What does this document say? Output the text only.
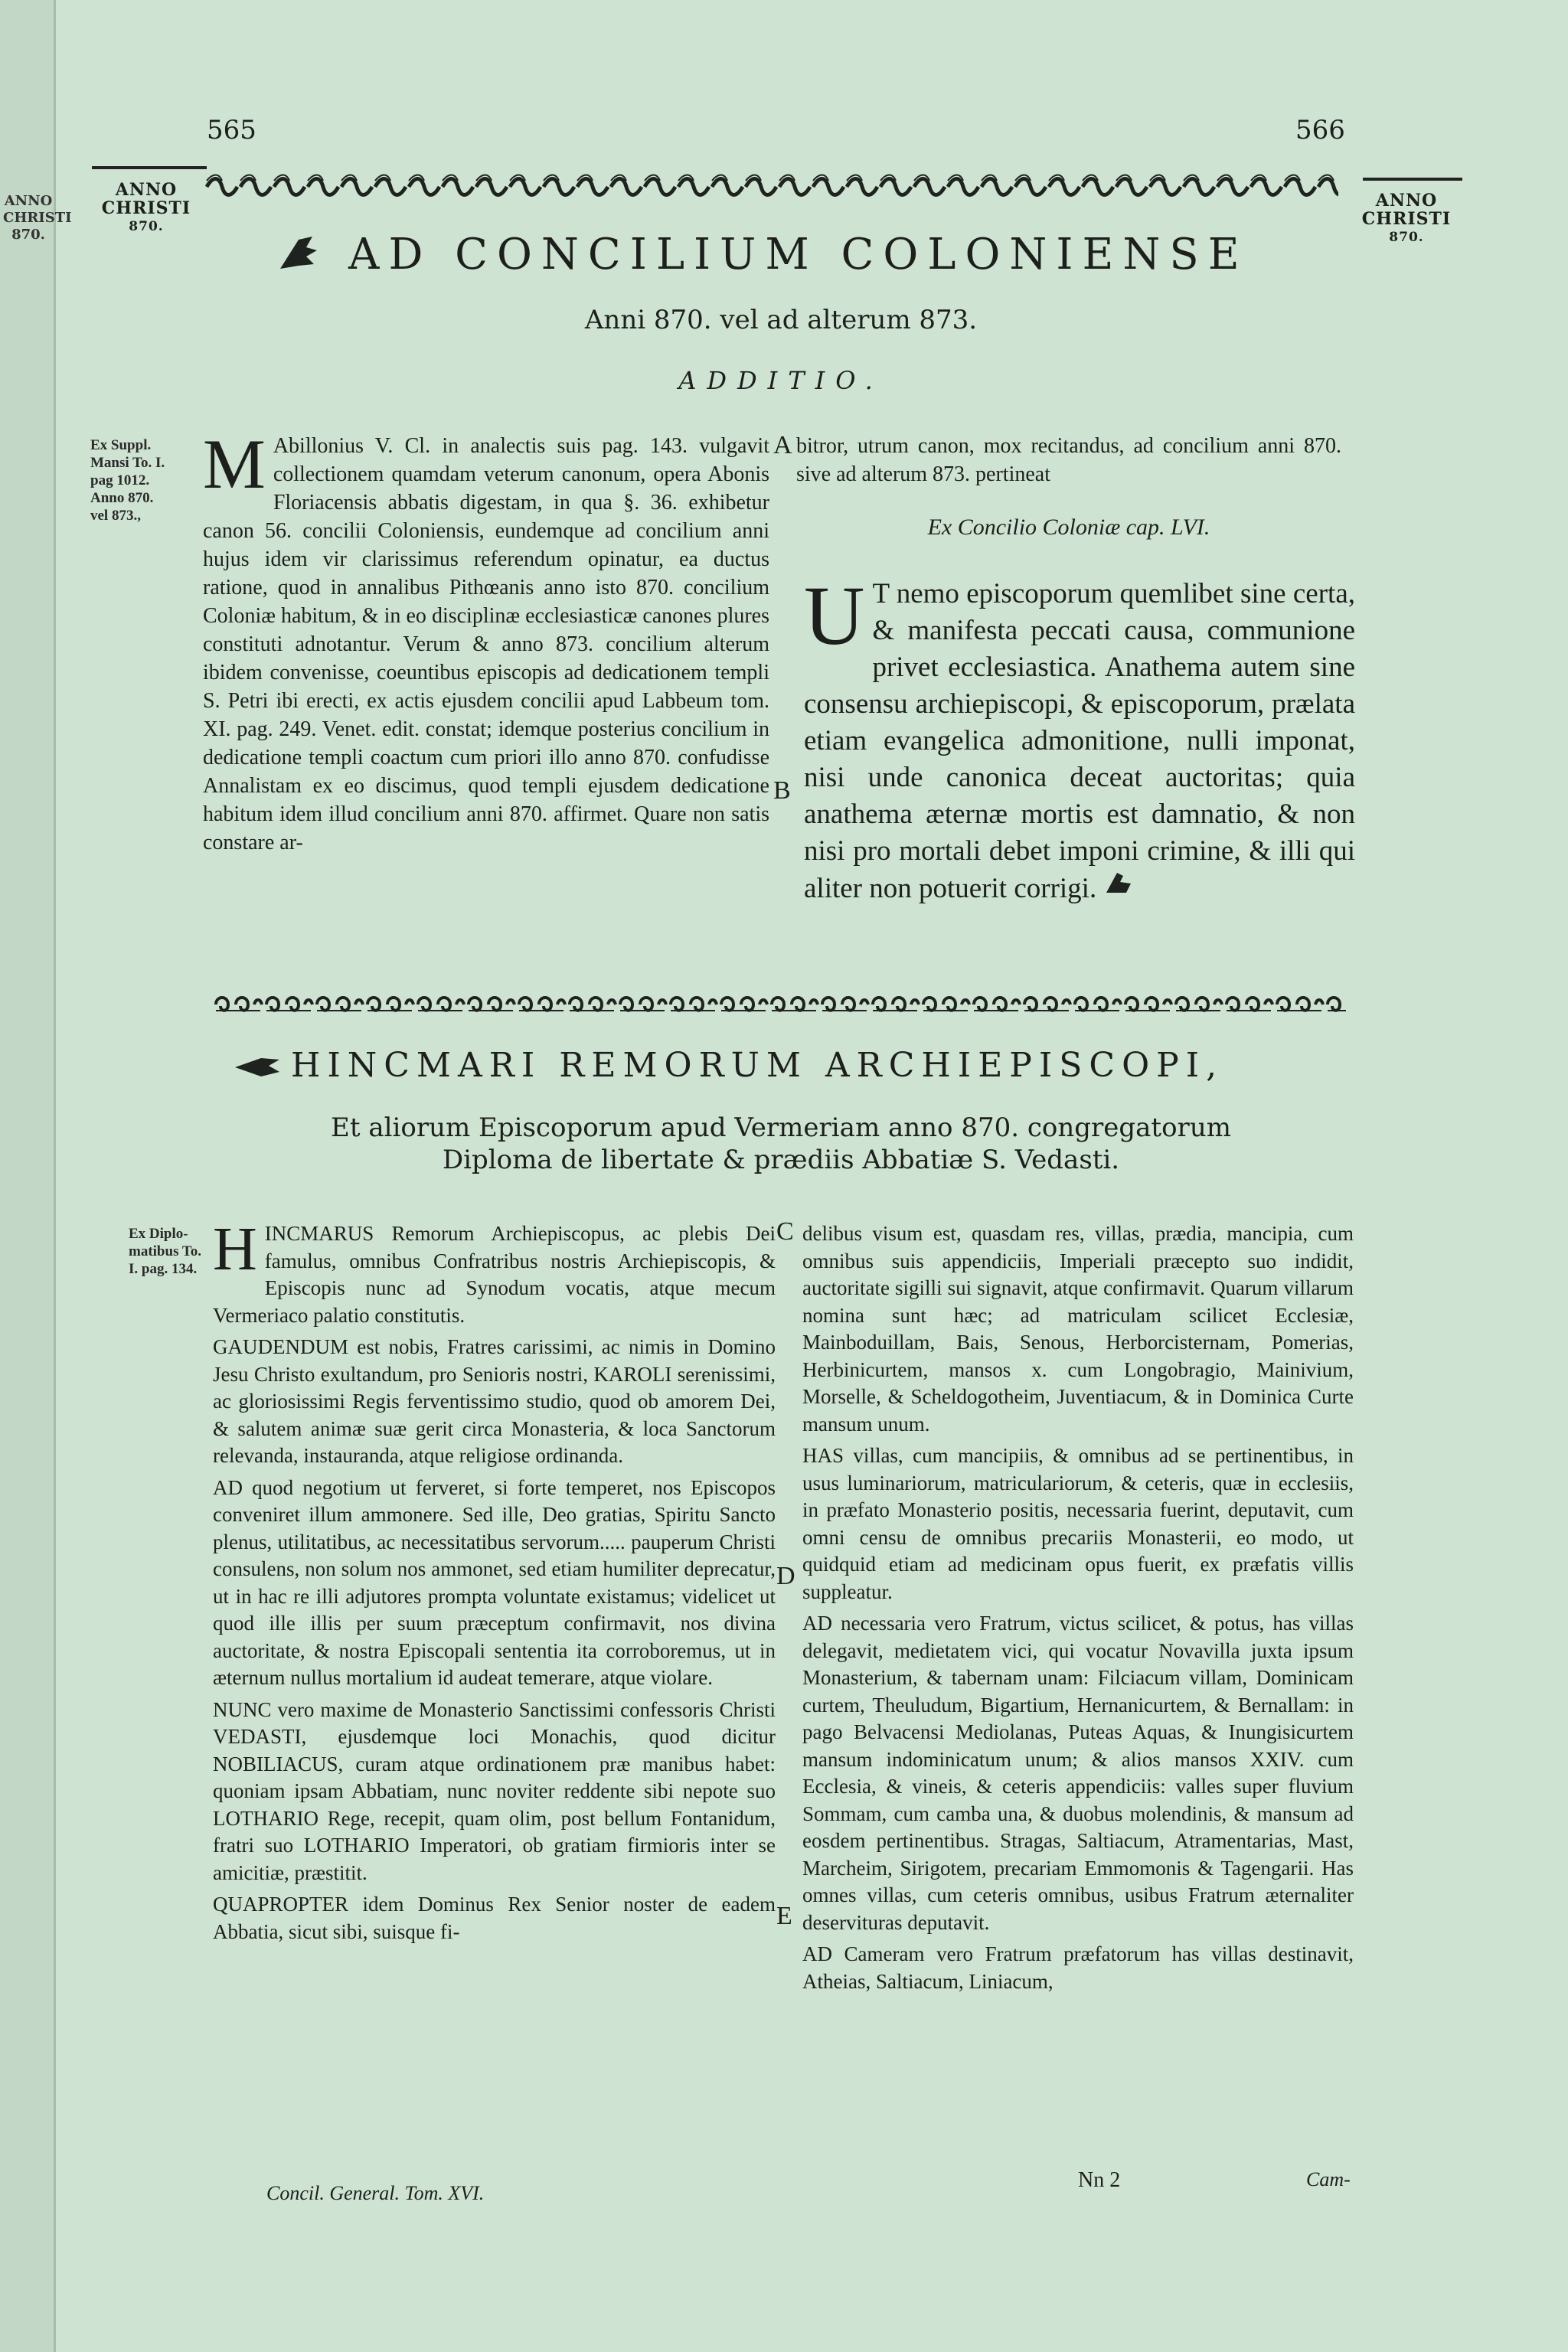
ANNO
CHRISTI
870.
565	566
ANNO
CHRISTI
870.
ANNO
CHRISTI
870.
AD CONCILIUM COLONIENSE
Anni 870. vel ad alterum 873.
ADDITIO.
Ex Suppl.
Mansi To. I.
pag 1012.
Anno 870.
vel 873.,
M Abillonius V. Cl. in analectis suis pag. 143. vulgavit collectionem quamdam veterum canonum, opera Abonis Floriacensis abbatis digestam, in qua §. 36. exhibetur canon 56. concilii Coloniensis, eundemque ad concilium anni hujus idem vir clarissimus referendum opinatur, ea ductus ratione, quod in annalibus Pithœanis anno isto 870. concilium Coloniæ habitum, & in eo disciplinæ ecclesiasticæ canones plures constituti adnotantur. Verum & anno 873. concilium alterum ibidem convenisse, coeuntibus episcopis ad dedicationem templi S. Petri ibi erecti, ex actis ejusdem concilii apud Labbeum tom. XI. pag. 249. Venet. edit. constat; idemque posterius concilium in dedicatione templi coactum cum priori illo anno 870. confudisse Annalistam ex eo discimus, quod templi ejusdem dedicatione habitum idem illud concilium anni 870. affirmet. Quare non satis constare ar-
A
B
bitror, utrum canon, mox recitandus, ad concilium anni 870. sive ad alterum 873. pertineat
Ex Concilio Coloniæ cap. LVI.
U T nemo episcoporum quemlibet sine certa, & manifesta peccati causa, communione privet ecclesiastica. Anathema autem sine consensu archiepiscopi, & episcoporum, prælata etiam evangelica admonitione, nulli imponat, nisi unde canonica deceat auctoritas; quia anathema æternæ mortis est damnatio, & non nisi pro mortali debet imponi crimine, & illi qui aliter non potuerit corrigi.
HINCMARI REMORUM ARCHIEPISCOPI,
Et aliorum Episcoporum apud Vermeriam anno 870. congregatorum
Diploma de libertate & prædiis Abbatiæ S. Vedasti.
Ex Diplo-
matibus To.
I. pag. 134. HINCMARUS Remorum Archiepiscopus, ac plebis Dei famulus, omnibus Confratribus nostris Archiepiscopis, & Episcopis nunc ad Synodum vocatis, atque mecum Vermeriaco palatio constitutis.

GAUDENDUM est nobis, Fratres carissimi, ac nimis in Domino Jesu Christo exultandum, pro Senioris nostri, KAROLI serenissimi, ac gloriosissimi Regis ferventissimo studio, quod ob amorem Dei, & salutem animæ suæ gerit circa Monasteria, & loca Sanctorum relevanda, instauranda, atque religiose ordinanda.

AD quod negotium ut ferveret, si forte temperet, nos Episcopos conveniret illum ammonere. Sed ille, Deo gratias, Spiritu Sancto plenus, utilitatibus, ac necessitatibus servorum..... pauperum Christi consulens, non solum nos ammonet, sed etiam humiliter deprecatur, ut in hac re illi adjutores prompta voluntate existamus; videlicet ut quod ille illis per suum præceptum confirmavit, nos divina auctoritate, & nostra Episcopali sententia ita corroboremus, ut in æternum nullus mortalium id audeat temerare, atque violare.

NUNC vero maxime de Monasterio Sanctissimi confessoris Christi VEDASTI, ejusdemque loci Monachis, quod dicitur NOBILIACUS, curam atque ordinationem præ manibus habet: quoniam ipsam Abbatiam, nunc noviter reddente sibi nepote suo LOTHARIO Rege, recepit, quam olim, post bellum Fontanidum, fratri suo LOTHARIO Imperatori, ob gratiam firmioris inter se amicitiæ, præstitit.

QUAPROPTER idem Dominus Rex Senior noster de eadem Abbatia, sicut sibi, suisque fi-

C
D
E

delibus visum est, quasdam res, villas, prædia, mancipia, cum omnibus suis appendiciis, Imperiali præcepto suo indidit, auctoritate sigilli sui signavit, atque confirmavit. Quarum villarum nomina sunt hæc; ad matriculam scilicet Ecclesiæ, Mainboduillam, Bais, Senous, Herborcisternam, Pomerias, Herbinicurtem, mansos x. cum Longobragio, Mainivium, Morselle, & Scheldogotheim, Juventiacum, & in Dominica Curte mansum unum.

HAS villas, cum mancipiis, & omnibus ad se pertinentibus, in usus luminariorum, matriculariorum, & ceteris, quæ in ecclesiis, in præfato Monasterio positis, necessaria fuerint, deputavit, cum omni censu de omnibus precariis Monasterii, eo modo, ut quidquid etiam ad medicinam opus fuerit, ex præfatis villis suppleatur.

AD necessaria vero Fratrum, victus scilicet, & potus, has villas delegavit, medietatem vici, qui vocatur Novavilla juxta ipsum Monasterium, & tabernam unam: Filciacum villam, Dominicam curtem, Theuludum, Bigartium, Hernanicurtem, & Bernallam: in pago Belvacensi Mediolanas, Puteas Aquas, & Inungisicurtem mansum indominicatum unum; & alios mansos XXIV. cum Ecclesia, & vineis, & ceteris appendiciis: valles super fluvium Sommam, cum camba una, & duobus molendinis, & mansum ad eosdem pertinentibus. Stragas, Saltiacum, Atramentarias, Mast, Marcheim, Sirigotem, precariam Emmomonis & Tagengarii. Has omnes villas, cum ceteris omnibus, usibus Fratrum æternaliter deservituras deputavit.

AD Cameram vero Fratrum præfatorum has villas destinavit, Atheias, Saltiacum, Liniacum,

Concil. General. Tom. XVI.
Nn 2	Cam-
